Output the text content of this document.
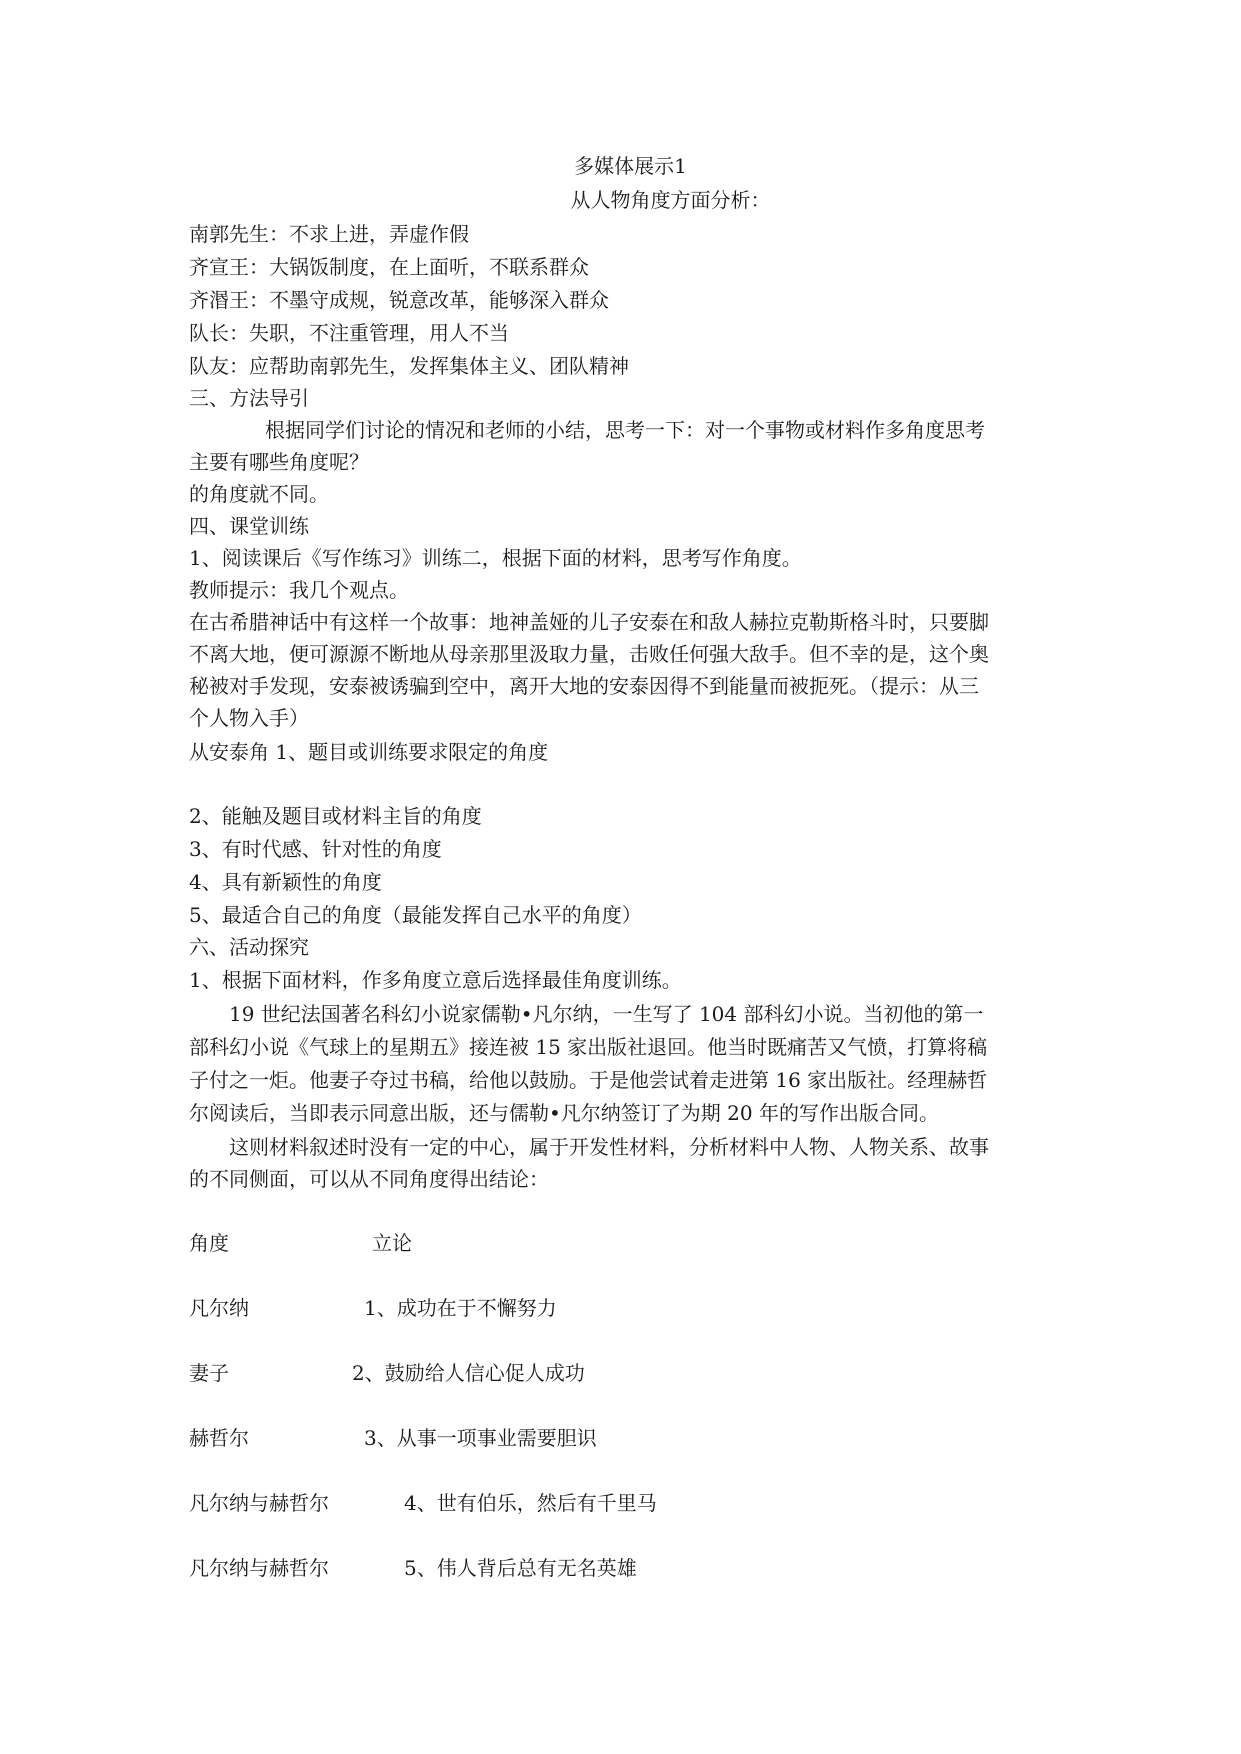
多媒体展示1
从人物角度方面分析：
南郭先生：不求上进，弄虚作假
齐宣王：大锅饭制度，在上面听，不联系群众
齐湣王：不墨守成规，锐意改革，能够深入群众
队长：失职，不注重管理，用人不当
队友：应帮助南郭先生，发挥集体主义、团队精神
三、方法导引
根据同学们讨论的情况和老师的小结，思考一下：对一个事物或材料作多角度思考
主要有哪些角度呢？
的角度就不同。
四、课堂训练
1、阅读课后《写作练习》训练二，根据下面的材料，思考写作角度。
教师提示：我几个观点。
在古希腊神话中有这样一个故事：地神盖娅的儿子安泰在和敌人赫拉克勒斯格斗时，只要脚
不离大地，便可源源不断地从母亲那里汲取力量，击败任何强大敌手。但不幸的是，这个奥
秘被对手发现，安泰被诱骗到空中，离开大地的安泰因得不到能量而被扼死。（提示：从三
个人物入手）
从安泰角 1、题目或训练要求限定的角度
2、能触及题目或材料主旨的角度
3、有时代感、针对性的角度
4、具有新颖性的角度
5、最适合自己的角度（最能发挥自己水平的角度）
六、活动探究
1、根据下面材料，作多角度立意后选择最佳角度训练。
19 世纪法国著名科幻小说家儒勒•凡尔纳，一生写了 104 部科幻小说。当初他的第一
部科幻小说《气球上的星期五》接连被 15 家出版社退回。他当时既痛苦又气愤，打算将稿
子付之一炬。他妻子夺过书稿，给他以鼓励。于是他尝试着走进第 16 家出版社。经理赫哲
尔阅读后，当即表示同意出版，还与儒勒•凡尔纳签订了为期 20 年的写作出版合同。
这则材料叙述时没有一定的中心，属于开发性材料，分析材料中人物、人物关系、故事
的不同侧面，可以从不同角度得出结论：
角度	立论
凡尔纳	1、成功在于不懈努力
妻子	2、鼓励给人信心促人成功
赫哲尔	3、从事一项事业需要胆识
凡尔纳与赫哲尔	4、世有伯乐，然后有千里马
凡尔纳与赫哲尔	5、伟人背后总有无名英雄
